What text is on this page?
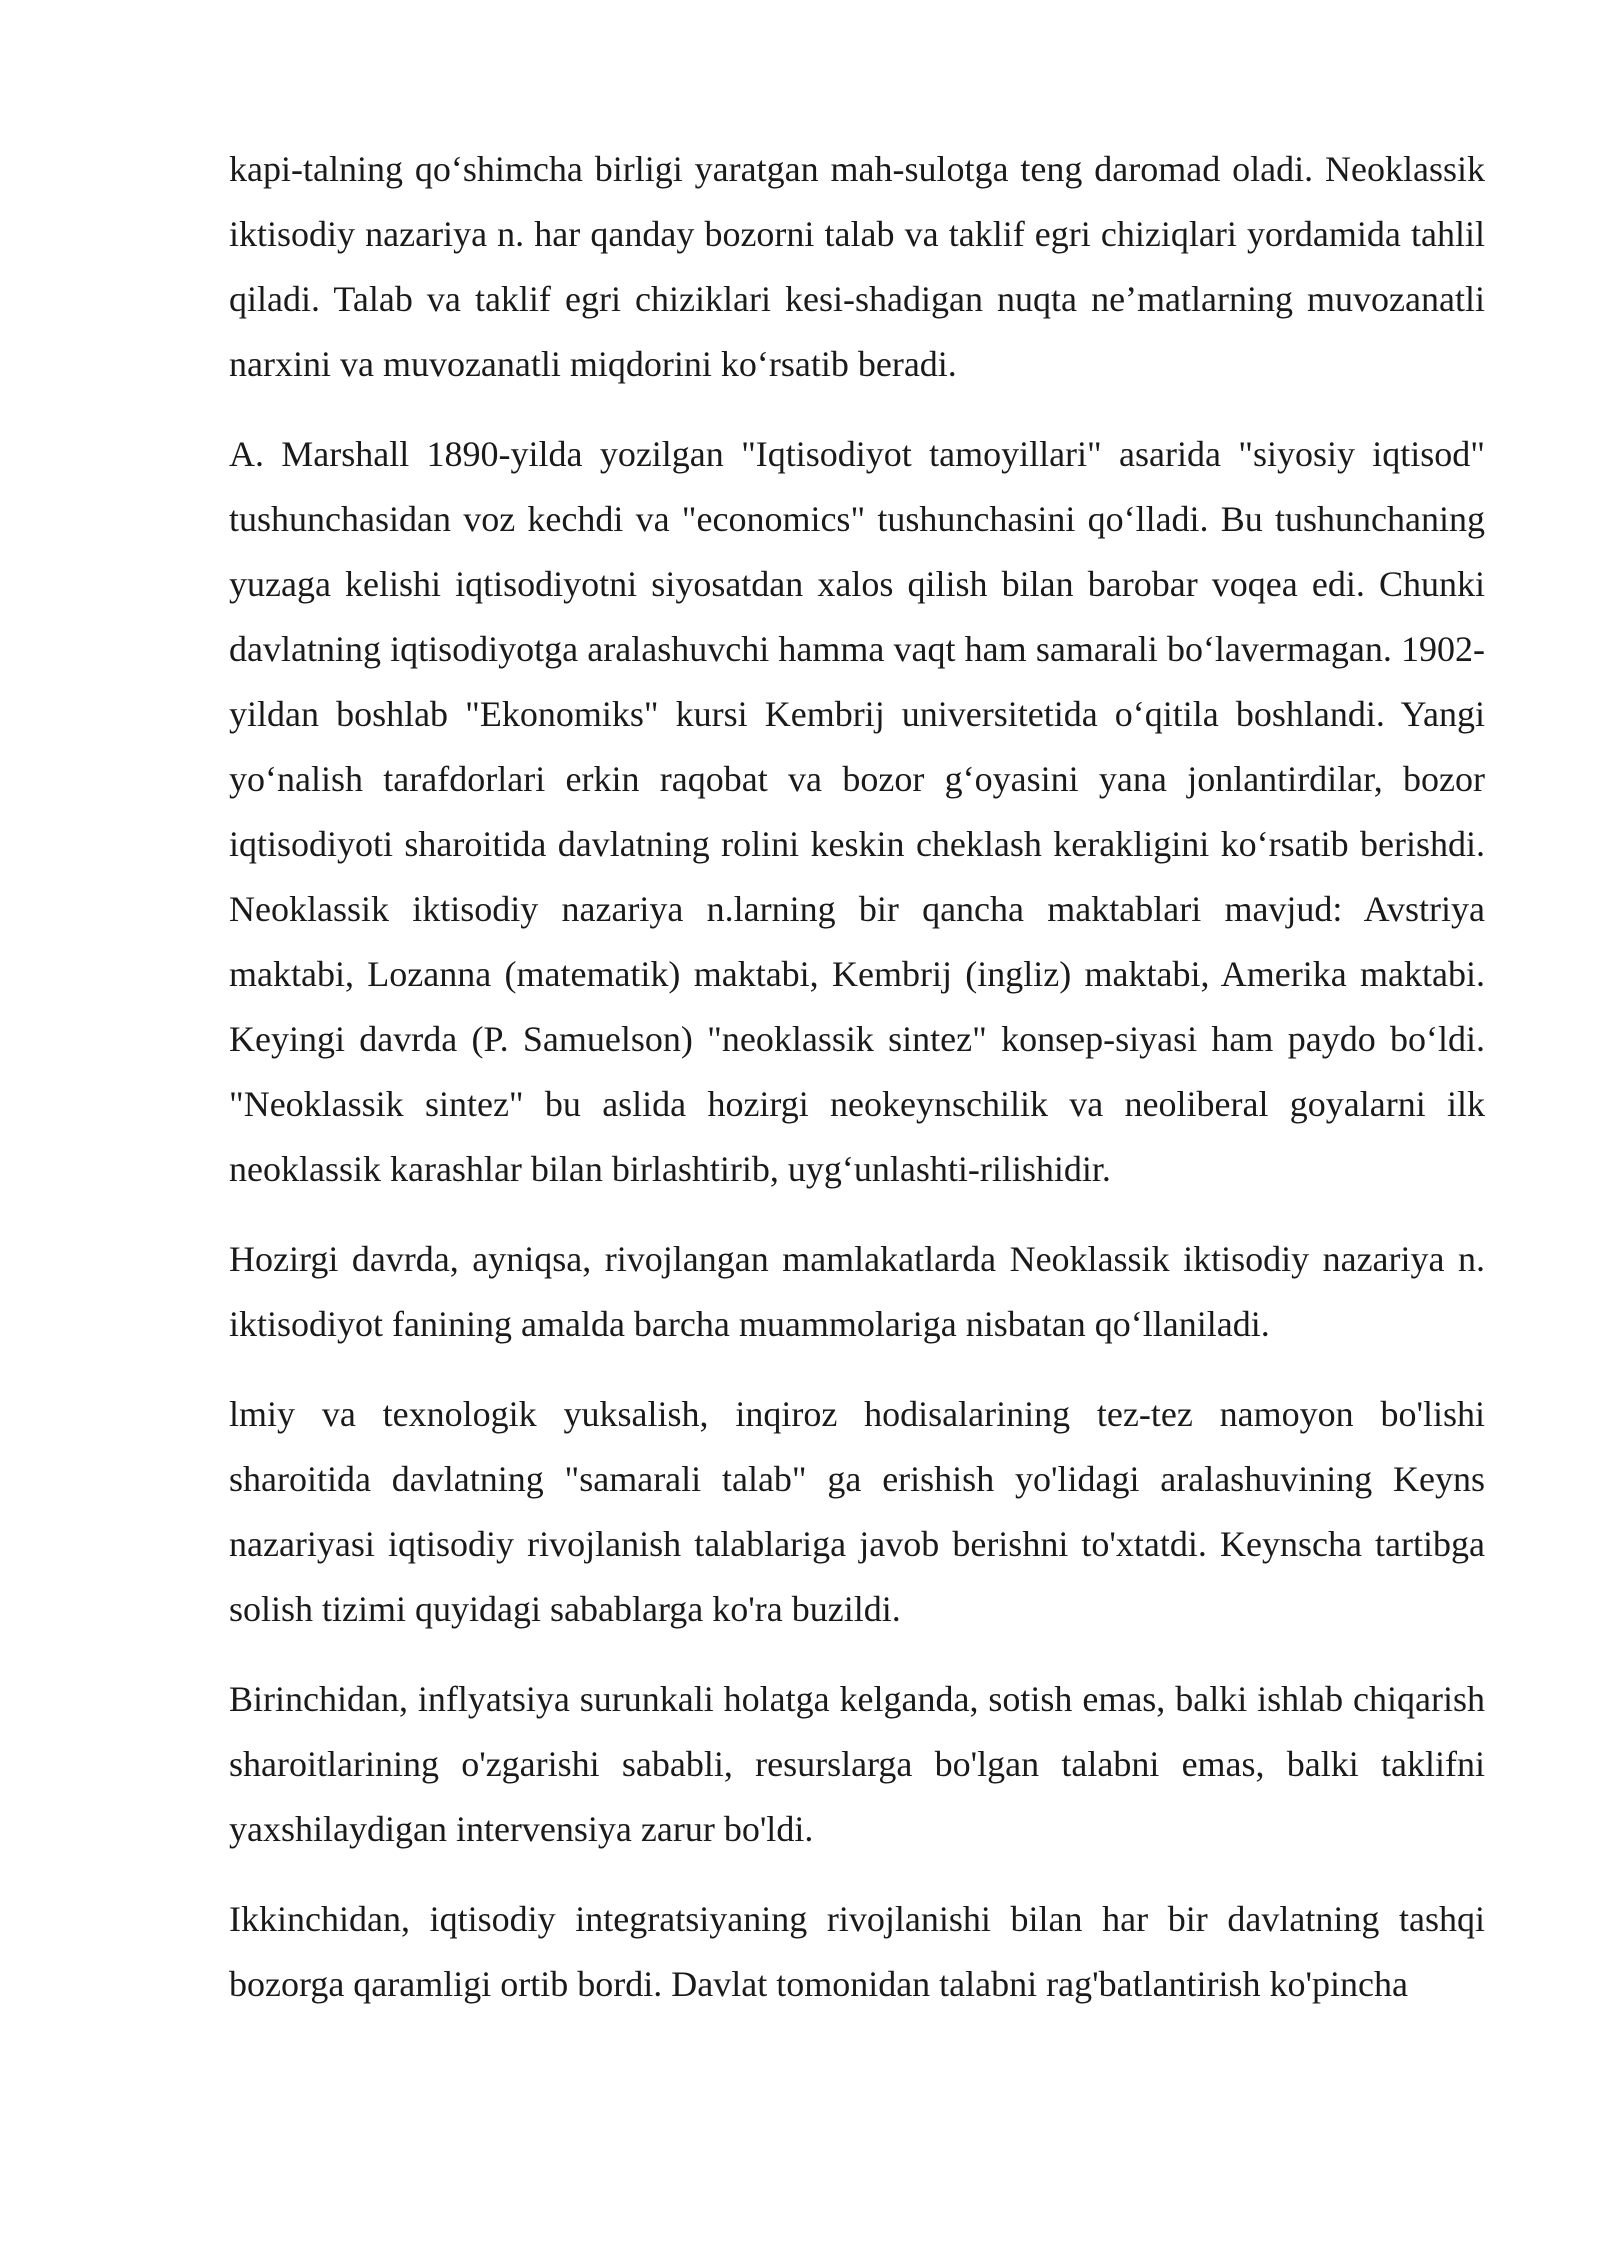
kapi-talning qo‘shimcha birligi yaratgan mah-sulotga teng daromad oladi. Neoklassik iktisodiy nazariya n. har qanday bozorni talab va taklif egri chiziqlari yordamida tahlil qiladi. Talab va taklif egri chiziklari kesi-shadigan nuqta ne’matlarning muvozanatli narxini va muvozanatli miqdorini ko‘rsatib beradi.

A. Marshall 1890-yilda yozilgan "Iqtisodiyot tamoyillari" asarida "siyosiy iqtisod" tushunchasidan voz kechdi va "economics" tushunchasini qo‘lladi. Bu tushunchaning yuzaga kelishi iqtisodiyotni siyosatdan xalos qilish bilan barobar voqea edi. Chunki davlatning iqtisodiyotga aralashuvchi hamma vaqt ham samarali bo‘lavermagan. 1902-yildan boshlab "Ekonomiks" kursi Kembrij universitetida o‘qitila boshlandi. Yangi yo‘nalish tarafdorlari erkin raqobat va bozor g‘oyasini yana jonlantirdilar, bozor iqtisodiyoti sharoitida davlatning rolini keskin cheklash kerakligini ko‘rsatib berishdi. Neoklassik iktisodiy nazariya n.larning bir qancha maktablari mavjud: Avstriya maktabi, Lozanna (matematik) maktabi, Kembrij (ingliz) maktabi, Amerika maktabi. Keyingi davrda (P. Samuelson) "neoklassik sintez" konsep-siyasi ham paydo bo‘ldi. "Neoklassik sintez" bu aslida hozirgi neokeynschilik va neoliberal goyalarni ilk neoklassik karashlar bilan birlashtirib, uyg‘unlashti-rilishidir.

Hozirgi davrda, ayniqsa, rivojlangan mamlakatlarda Neoklassik iktisodiy nazariya n. iktisodiyot fanining amalda barcha muammolariga nisbatan qo‘llaniladi.

lmiy va texnologik yuksalish, inqiroz hodisalarining tez-tez namoyon bo'lishi sharoitida davlatning "samarali talab" ga erishish yo'lidagi aralashuvining Keyns nazariyasi iqtisodiy rivojlanish talablariga javob berishni to'xtatdi. Keynscha tartibga solish tizimi quyidagi sabablarga ko'ra buzildi.

Birinchidan, inflyatsiya surunkali holatga kelganda, sotish emas, balki ishlab chiqarish sharoitlarining o'zgarishi sababli, resurslarga bo'lgan talabni emas, balki taklifni yaxshilaydigan intervensiya zarur bo'ldi.

Ikkinchidan, iqtisodiy integratsiyaning rivojlanishi bilan har bir davlatning tashqi bozorga qaramligi ortib bordi. Davlat tomonidan talabni rag'batlantirish ko'pincha
